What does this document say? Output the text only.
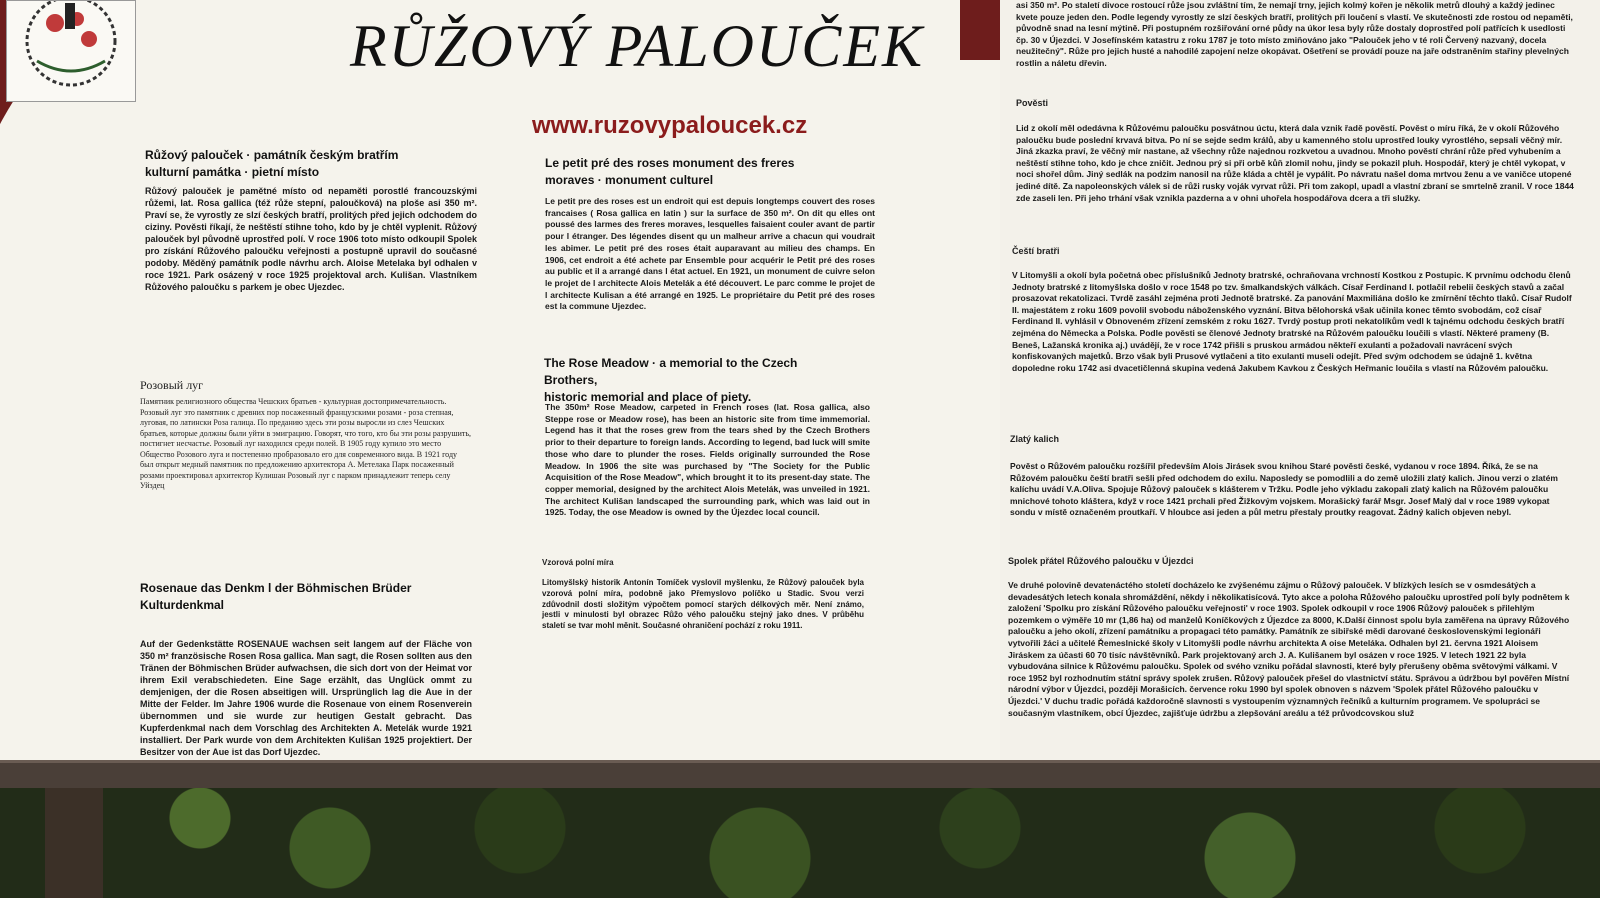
RŮŽOVÝ PALOUČEK
www.ruzovypaloucek.cz
Růžový palouček · památník českým bratřím
kulturní památka · pietní místo
Růžový palouček je pamětné místo od nepaměti porostlé francouzskými růžemi, lat. Rosa gallica (též růže stepní, paloučková) na ploše asi 350 m². Praví se, že vyrostly ze slzí českých bratří, prolitých před jejich odchodem do ciziny. Pověsti říkají, že neštěstí stihne toho, kdo by je chtěl vyplenit. Růžový palouček byl původně uprostřed polí. V roce 1906 toto místo odkoupil Spolek pro získání Růžového paloučku veřejnosti a postupně upravil do současné podoby. Měděný památník podle návrhu arch. Aloise Metelaka byl odhalen v roce 1921. Park osázený v roce 1925 projektoval arch. Kulišan. Vlastníkem Růžového paloučku s parkem je obec Ujezdec.
Le petit pré des roses monument des freres
moraves · monument culturel
Le petit pre des roses est un endroit qui est depuis longtemps couvert des roses francaises ( Rosa gallica en latin ) sur la surface de 350 m². On dit qu elles ont poussé des larmes des freres moraves, lesquelles faisaient couler avant de partir pour l étranger. Des légendes disent qu un malheur arrive a chacun qui voudrait les abimer. Le petit pré des roses était auparavant au milieu des champs. En 1906, cet endroit a été achete par Ensemble pour acquérir le Petit pré des roses au public et il a arrangé dans l état actuel. En 1921, un monument de cuivre selon le projet de l architecte Alois Metelák a été découvert. Le parc comme le projet de l architecte Kulisan a été arrangé en 1925. Le propriétaire du Petit pré des roses est la commune Ujezdec.
The Rose Meadow · a memorial to the Czech Brothers,
historic memorial and place of piety.
The 350m² Rose Meadow, carpeted in French roses (lat. Rosa gallica, also Steppe rose or Meadow rose), has been an historic site from time immemorial. Legend has it that the roses grew from the tears shed by the Czech Brothers prior to their departure to foreign lands. According to legend, bad luck will smite those who dare to plunder the roses. Fields originally surrounded the Rose Meadow. In 1906 the site was purchased by "The Society for the Public Acquisition of the Rose Meadow", which brought it to its present-day state. The copper memorial, designed by the architect Alois Metelák, was unveiled in 1921. The architect Kulišan landscaped the surrounding park, which was laid out in 1925. Today, the ose Meadow is owned by the Újezdec local council.
Розовый луг
Памятник религиозного общества Чешских братьев - культурная достопримечательность. Розовый луг это памятник с древних пор посаженный французскими розами - роза степная, луговая, по латински Роза галица. По преданию здесь эти розы выросли из слез Чешских братьев, которые должны были уйти в эмиграцию. Говорят, что того, кто бы эти розы разрушить, постигнет несчастье. Розовый луг находился среди полей. В 1905 году купило это место Общество Розового луга и постепенно пробразовало его для современного вида. В 1921 году был открыт медный памятник по предложению архитектора А. Метелака Парк посаженный розами проектировал архитектор Кулишан Розовый луг с парком принадлежит теперь селу Уйздец
Rosenaue das Denkm l der Böhmischen Brüder
Kulturdenkmal
Auf der Gedenkstätte ROSENAUE wachsen seit langem auf der Fläche von 350 m² französische Rosen Rosa gallica. Man sagt, die Rosen sollten aus den Tränen der Böhmischen Brüder aufwachsen, die sich dort von der Heimat vor ihrem Exil verabschiedeten. Eine Sage erzählt, das Unglück ommt zu demjenigen, der die Rosen abseitigen will. Ursprünglich lag die Aue in der Mitte der Felder. Im Jahre 1906 wurde die Rosenaue von einem Rosenverein übernommen und sie wurde zur heutigen Gestalt gebracht. Das Kupferdenkmal nach dem Vorschlag des Architekten A. Metelák wurde 1921 installiert. Der Park wurde von dem Architekten Kulišan 1925 projektiert. Der Besitzer von der Aue ist das Dorf Ujezdec.
Vzorová polní míra
Litomyšlský historik Antonín Tomíček vyslovil myšlenku, že Růžový palouček byla vzorová polní míra, podobně jako Přemyslovo políčko u Stadic. Svou verzi zdůvodnil dosti složitým výpočtem pomocí starých délkových měr. Není známo, jestli v minulosti byl obrazec Růžo vého paloučku stejný jako dnes. V průběhu staletí se tvar mohl měnit. Současné ohraničení pochází z roku 1911.
asi 350 m². Po staletí divoce rostoucí růže jsou zvláštní tím, že nemají trny, jejich kolmý kořen je několik metrů dlouhý a každý jedinec kvete pouze jeden den. Podle legendy vyrostly ze slzí českých bratří, prolitých při loučení s vlastí. Ve skutečnosti zde rostou od nepaměti, původně snad na lesní mýtině. Při postupném rozšiřování orné půdy na úkor lesa byly růže dostaly doprostřed polí patřících k usedlosti čp. 30 v Újezdci. V Josefínském katastru z roku 1787 je toto místo zmiňováno jako "Palouček jeho v té roli Červený nazvaný, docela neužitečný". Růže pro jejich husté a nahodilé zapojení nelze okopávat. Ošetření se provádí pouze na jaře odstraněním stařiny plevelných rostlin a náletu dřevin.
Pověsti
Lid z okolí měl odedávna k Růžovému paloučku posvátnou úctu, která dala vznik řadě pověstí. Pověst o míru říká, že v okolí Růžového paloučku bude poslední krvavá bitva. Po ní se sejde sedm králů, aby u kamenného stolu uprostřed louky vyrostlého, sepsali věčný mír. Jiná zkazka praví, že věčný mír nastane, až všechny růže najednou rozkvetou a uvadnou. Mnoho pověstí chrání růže před vyhubením a neštěstí stihne toho, kdo je chce zničit. Jednou prý si při orbě kůň zlomil nohu, jindy se pokazil pluh. Hospodář, který je chtěl vykopat, v noci shořel dům. Jiný sedlák na podzim nanosil na růže kláda a chtěl je vypálit. Po návratu našel doma mrtvou ženu a ve vaničce utopené jediné dítě. Za napoleonských válek si de růži rusky voják vyrvat růži. Při tom zakopl, upadl a vlastní zbraní se smrtelně zranil. V roce 1844 zde zaseli len. Při jeho trhání však vznikla pazderna a v ohni uhořela hospodářova dcera a tři služky.
Čeští bratři
V Litomyšli a okolí byla početná obec příslušníků Jednoty bratrské, ochraňovana vrchností Kostkou z Postupic. K prvnímu odchodu členů Jednoty bratrské z litomyšlska došlo v roce 1548 po tzv. šmalkandských válkách. Císař Ferdinand I. potlačil rebelii českých stavů a začal prosazovat rekatolizaci. Tvrdě zasáhl zejména proti Jednotě bratrské. Za panování Maxmiliána došlo ke zmírnění těchto tlaků. Císař Rudolf II. majestátem z roku 1609 povolil svobodu náboženského vyznání. Bitva bělohorská však učinila konec těmto svobodám, což císař Ferdinand II. vyhlásil v Obnoveném zřízení zemském z roku 1627. Tvrdý postup proti nekatolíkům vedl k tajnému odchodu českých bratří zejména do Německa a Polska. Podle pověsti se členové Jednoty bratrské na Růžovém paloučku loučili s vlastí. Některé prameny (B. Beneš, Lažanská kronika aj.) uvádějí, že v roce 1742 přišli s pruskou armádou někteří exulanti a požadovali navrácení svých konfiskovaných majetků. Brzo však byli Prusové vytlačeni a tito exulanti museli odejít. Před svým odchodem se údajně 1. května dopoledne roku 1742 asi dvacetičlenná skupina vedená Jakubem Kavkou z Českých Heřmanic loučila s vlastí na Růžovém paloučku.
Zlatý kalich
Pověst o Růžovém paloučku rozšířil především Alois Jirásek svou knihou Staré pověsti české, vydanou v roce 1894. Říká, že se na Růžovém paloučku čeští bratři sešli před odchodem do exilu. Naposledy se pomodlili a do země uložili zlatý kalich. Jinou verzi o zlatém kalíchu uvádí V.A.Oliva. Spojuje Růžový palouček s klášterem v Tržku. Podle jeho výkladu zakopali zlatý kalich na Růžovém paloučku mnichové tohoto kláštera, když v roce 1421 prchali před Žižkovým vojskem. Morašický farář Msgr. Josef Malý dal v roce 1989 vykopat sondu v místě označeném proutkaří. V hloubce asi jeden a půl metru přestaly proutky reagovat. Žádný kalich objeven nebyl.
Spolek přátel Růžového paloučku v Újezdci
Ve druhé polovině devatenáctého století docházelo ke zvýšenému zájmu o Růžový palouček. V blízkých lesích se v osmdesátých a devadesátých letech konala shromáždění, někdy i několikatisícová. Tyto akce a poloha Růžového paloučku uprostřed polí byly podnětem k založení 'Spolku pro získání Růžového paloučku veřejnosti' v roce 1903. Spolek odkoupil v roce 1906 Růžový palouček s přilehlým pozemkem o výměře 10 mr (1,86 ha) od manželů Koníčkových z Újezdce za 8000, K.Další činnost spolu byla zaměřena na úpravy Růžového paloučku a jeho okolí, zřízení památníku a propagaci této památky. Památník ze sibiřské mědi darované československými legionáři vytvořili žáci a učitelé Řemeslnické školy v Litomyšli podle návrhu architekta A oise Meteláka. Odhalen byl 21. června 1921 Aloisem Jiráskem za účasti 60 70 tisíc návštěvníků. Park projektovaný arch J. A. Kulišanem byl osázen v roce 1925. V letech 1921 22 byla vybudována silnice k Růžovému paloučku. Spolek od svého vzniku pořádal slavnosti, které byly přerušeny oběma světovými válkami. V roce 1952 byl rozhodnutím státní správy spolek zrušen. Růžový palouček přešel do vlastnictví státu. Správou a údržbou byl pověřen Místní národní výbor v Újezdci, později Morašicích. července roku 1990 byl spolek obnoven s názvem 'Spolek přátel Růžového paloučku v Újezdci.' V duchu tradic pořádá každoročně slavnosti s vystoupením významných řečníků a kulturním programem. Ve spolupráci se současným vlastníkem, obcí Újezdec, zajišťuje údržbu a zlepšování areálu a též průvodcovskou služ
